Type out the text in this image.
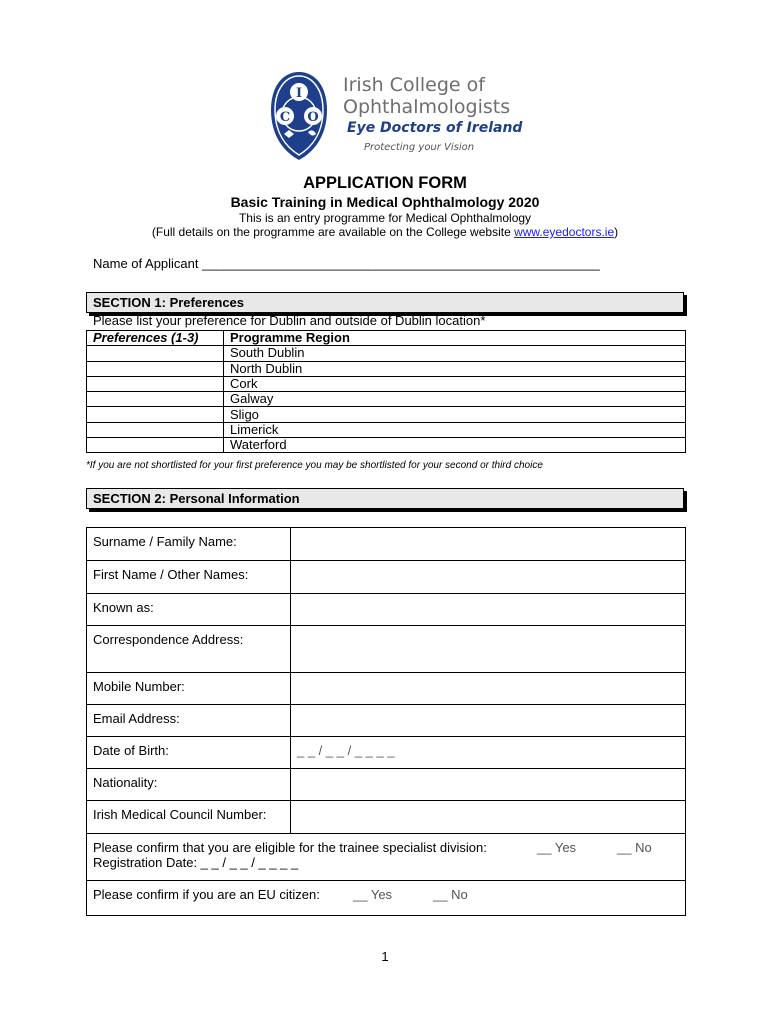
I
C O
Irish College of
Ophthalmologists
Eye Doctors of Ireland
Protecting your Vision
APPLICATION FORM
Basic Training in Medical Ophthalmology 2020
This is an entry programme for Medical Ophthalmology
(Full details on the programme are available on the College website www.eyedoctors.ie)
Name of Applicant _______________________________________________________
SECTION 1: Preferences
Please list your preference for Dublin and outside of Dublin location*
Preferences (1-3)	Programme Region
	South Dublin
	North Dublin
	Cork
	Galway
	Sligo
	Limerick
	Waterford
*If you are not shortlisted for your first preference you may be shortlisted for your second or third choice
SECTION 2: Personal Information
Surname / Family Name:	
First Name / Other Names:	
Known as:	
Correspondence Address:	
Mobile Number:	
Email Address:	
Date of Birth:	_ _ / _ _ / _ _ _ _
Nationality:	
Irish Medical Council Number:	

Please confirm that you are eligible for the trainee specialist division:
Registration Date: _ _ / _ _ / _ _ _ _
__ Yes __ No	

Please confirm if you are an EU citizen: __ Yes __ No	
1
